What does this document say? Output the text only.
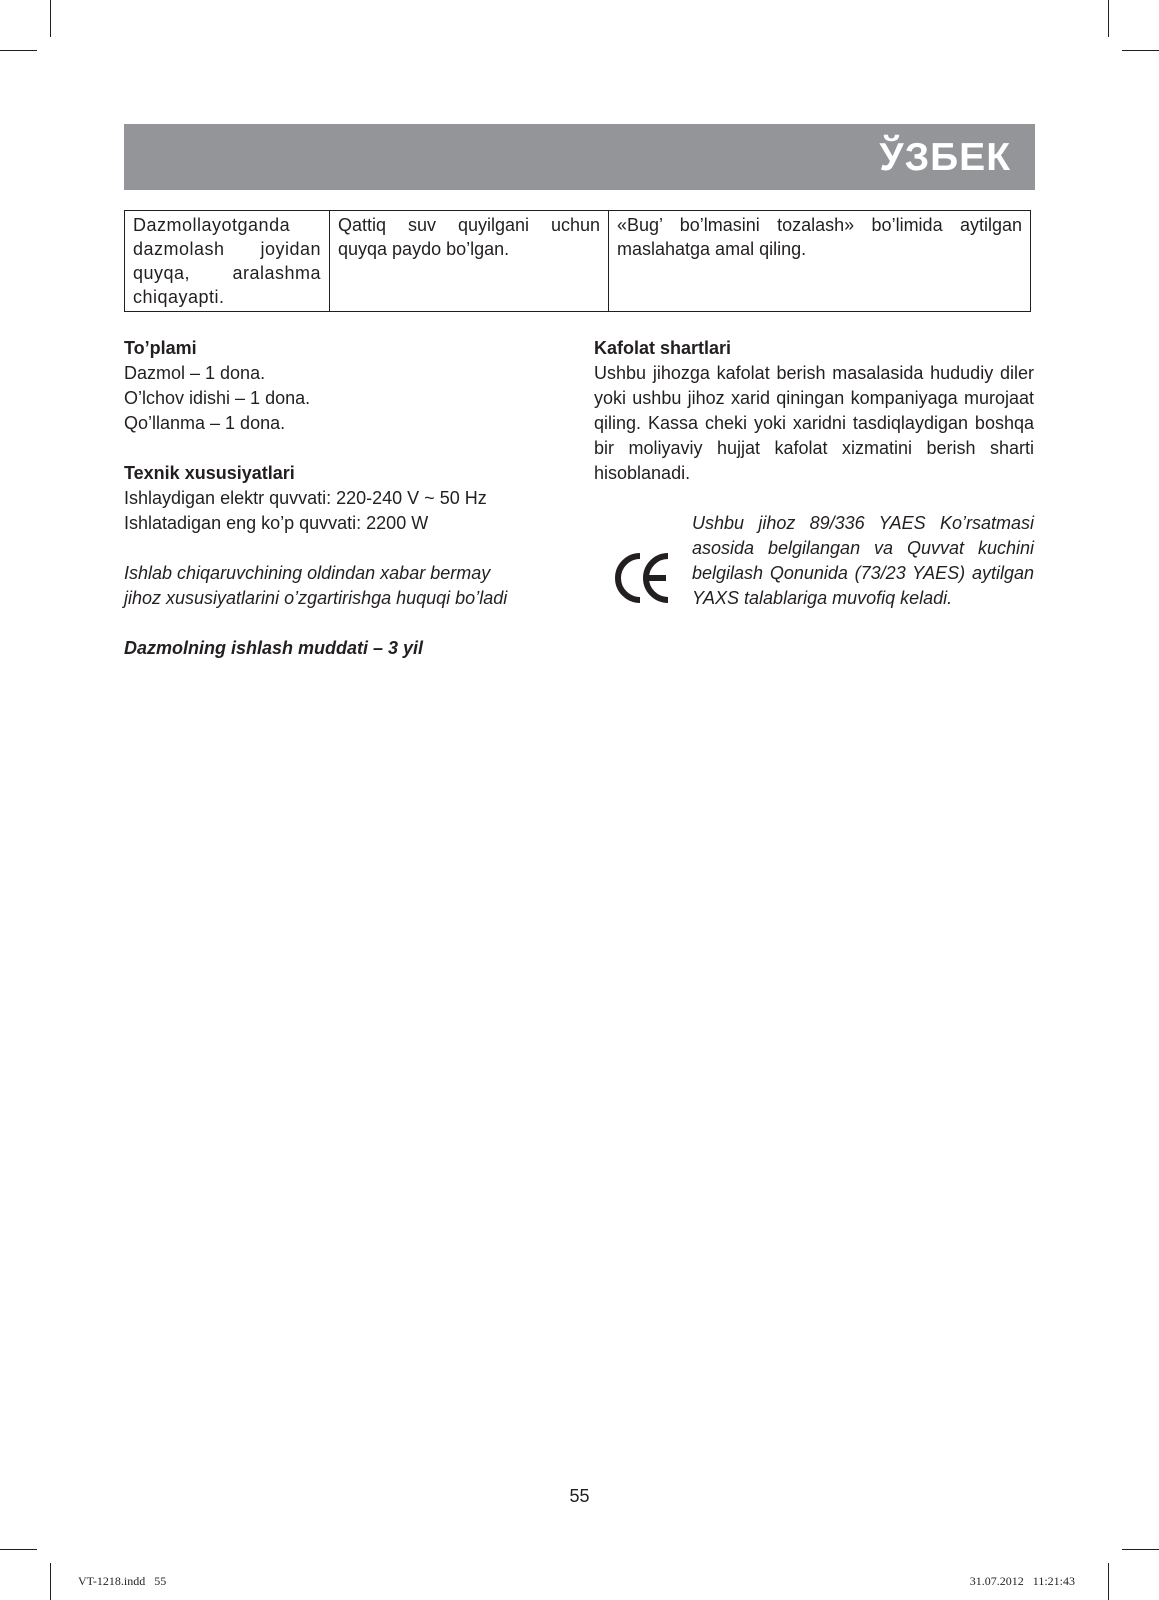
ЎЗБЕК
Dazmollayotganda dazmolash joyidan quyqa, aralashma chiqayapti.	Qattiq suv quyilgani uchun quyqa paydo bo’lgan.	«Bug’ bo’lmasini tozalash» bo’limida aytilgan maslahatga amal qiling.
To’plami
Dazmol – 1 dona.
O’lchov idishi – 1 dona.
Qo’llanma – 1 dona.
Texnik xususiyatlari
Ishlaydigan elektr quvvati: 220-240 V ~ 50 Hz
Ishlatadigan eng ko’p quvvati: 2200 W
Ishlab chiqaruvchining oldindan xabar bermay
jihoz xususiyatlarini o’zgartirishga huquqi bo’ladi
Dazmolning ishlash muddati – 3 yil
Kafolat shartlari
Ushbu jihozga kafolat berish masalasida hududiy diler yoki ushbu jihoz xarid qiningan kompaniyaga murojaat qiling. Kassa cheki yoki xaridni tasdiqlaydigan boshqa bir moliyaviy hujjat kafolat xizmatini berish sharti hisoblanadi.
Ushbu jihoz 89/336 YAES Ko’rsatmasi asosida belgilangan va Quvvat kuchini belgilash Qonunida (73/23 YAES) aytilgan YAXS talablariga muvofiq keladi.
55
VT-1218.indd   55	31.07.2012   11:21:43
